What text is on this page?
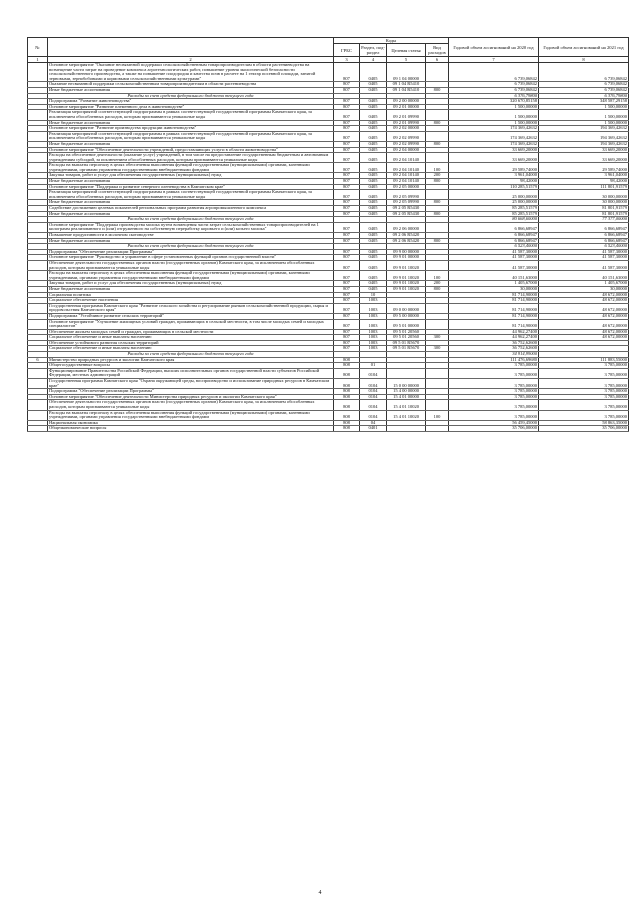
№		Коды				Годовой объем ассигнований на 2020 год	Годовой объем ассигнований на 2021 год
		ГРБС	Раздел, под-раздел	Целевая статья	Вид расходов		
1	2	3	4	5	6	7	8
	Основное мероприятие "Оказание несвязанной поддержки сельскохозяйственным товаропроизводителям в области растениеводства на возмещение части затрат на проведение комплекса агротехнологических работ, повышение уровня экологической безопасности сельскохозяйственного производства, а также на повышение плодородия и качества почв в расчете на 1 гектар посевной площади, занятой зерновыми, зернобобовыми и кормовыми сельскохозяйственными культурами"	807	0405	09 1 04 00000		6 739,06842	6 739,06842
	Оказание несвязанной поддержки сельскохозяйственным товаропроизводителям в области растениеводства	807	0405	09 1 04 R5410		6 739,06842	6 739,06842
	Иные бюджетные ассигнования	807	0405	09 1 04 R5410	800	6 739,06842	6 739,06842
	Расходы за счет средств федерального бюджета текущего года					6 376,79800	6 376,79800
	Подпрограмма "Развитие животноводства"	807	0405	09 2 00 00000		320 670,85158	348 587,29158
	Основное мероприятие "Развитие племенного дела в животноводстве"	807	0405	09 2 01 00000		1 500,00000	1 500,00000
	Реализация мероприятий соответствующей подпрограммы в рамках соответствующей государственной программы Камчатского края, за исключением обособленных расходов, которым присваиваются уникальные коды	807	0405	09 2 01 09990		1 500,00000	1 500,00000
	Иные бюджетные ассигнования	807	0405	09 2 01 09990	800	1 500,00000	1 500,00000
	Основное мероприятие "Развитие производства продукции животноводства"	807	0405	09 2 02 00000		174 369,42632	194 369,42632
	Реализация мероприятий соответствующей подпрограммы в рамках соответствующей государственной программы Камчатского края, за исключением обособленных расходов, которым присваиваются уникальные коды	807	0405	09 2 02 09990		174 369,42632	194 369,42632
	Иные бюджетные ассигнования	807	0405	09 2 02 09990	800	174 369,42632	194 369,42632
	Основное мероприятие "Обеспечение деятельности учреждений, предоставляющих услуги в области животноводства"	807	0405	09 2 04 00000		33 669,20000	33 669,20000
	Расходы на обеспечение деятельности (оказание услуг) учреждений, в том числе на предоставление государственным бюджетным и автономным учреждениям субсидий, за исключением обособленных расходов, которым присваиваются уникальные коды	807	0405	09 2 04 10140		33 669,20000	33 669,20000
	Расходы на выплаты персоналу в целях обеспечения выполнения функций государственными (муниципальными) органами, казенными учреждениями, органами управления государственными внебюджетными фондами	807	0405	09 2 04 10140	100	29 589,74000	29 589,74000
	Закупка товаров, работ и услуг для обеспечения государственных (муниципальных) нужд	807	0405	09 2 04 10140	200	3 961,04000	3 961,04000
	Иные бюджетные ассигнования	807	0405	09 2 04 10140	800	98,42000	98,42000
	Основное мероприятие "Поддержка и развитие северного оленеводства в Камчатском крае"	807	0405	09 2 05 00000		110 285,51579	111 801,91579
	Реализация мероприятий соответствующей подпрограммы в рамках соответствующей государственной программы Камчатского края, за исключением обособленных расходов, которым присваиваются уникальные коды	807	0405	09 2 05 09990		25 000,00000	30 000,00000
	Иные бюджетные ассигнования	807	0405	09 2 05 09990	800	25 000,00000	30 000,00000
	Содействие достижению целевых показателей региональных программ развития агропромышленного комплекса	807	0405	09 2 05 R5430		85 285,51579	81 801,91579
	Иные бюджетные ассигнования	807	0405	09 2 05 R5430	800	85 285,51579	81 801,91579
	Расходы за счет средств федерального бюджета текущего года					80 668,60000	77 377,00000
	Основное мероприятие "Поддержка производства молока путем возмещения части затрат сельскохозяйственных товаропроизводителей на 1 килограмм реализованного и (или) отгруженного на собственную переработку коровьего и (или) козьего молока"	807	0405	09 2 06 00000		6 866,68947	6 866,68947
	Повышение продуктивности в молочном скотоводстве	807	0405	09 2 06 R5420		6 866,68947	6 866,68947
	Иные бюджетные ассигнования	807	0405	09 2 06 R5420	800	6 866,68947	6 866,68947
	Расходы за счет средств федерального бюджета текущего года					6 523,40000	6 523,40000
	Подпрограмма "Обеспечение реализации Программы"	807	0405	09 9 00 00000		41 587,30000	41 587,30000
	Основное мероприятие "Руководство и управление в сфере установленных функций органов государственной власти"	807	0405	09 9 01 00000		41 587,30000	41 587,30000
	Обеспечение деятельности государственных органов власти (государственных органов) Камчатского края, за исключением обособленных расходов, которым присваиваются уникальные коды	807	0405	09 9 01 10020		41 587,30000	41 587,30000
	Расходы на выплаты персоналу в целях обеспечения выполнения функций государственными (муниципальными) органами, казенными учреждениями, органами управления государственными внебюджетными фондами	807	0405	09 9 01 10020	100	40 151,63000	40 151,63000
	Закупка товаров, работ и услуг для обеспечения государственных (муниципальных) нужд	807	0405	09 9 01 10020	200	1 405,67000	1 405,67000
	Иные бюджетные ассигнования	807	0405	09 9 01 10020	800	30,00000	30,00000
	Социальная политика	807	10			81 714,90000	48 672,00000
	Социальное обеспечение населения	807	1003			81 714,90000	48 672,00000
	Государственная программа Камчатского края "Развитие сельского хозяйства и регулирование рынков сельскохозяйственной продукции, сырья и продовольствия Камчатского края"	807	1003	09 0 00 00000		81 714,90000	48 672,00000
	Подпрограмма "Устойчивое развитие сельских территорий"	807	1003	09 5 00 00000		81 714,90000	48 672,00000
	Основное мероприятие "Улучшение жилищных условий граждан, проживающих в сельской местности, в том числе молодых семей и молодых специалистов"	807	1003	09 5 01 00000		81 714,90000	48 672,00000
	Обеспечение жильем молодых семей и граждан, проживающих в сельской местности	807	1003	09 5 01 20560		44 962,27400	48 672,00000
	Социальное обеспечение и иные выплаты населению	807	1003	09 5 01 20560	300	44 962,27400	48 672,00000
	Обеспечение устойчивого развития сельских территорий	807	1003	09 5 01 R5670		36 752,62600	
	Социальное обеспечение и иные выплаты населению	807	1003	09 5 01 R5670	300	36 752,62600	
	Расходы за счет средств федерального бюджета текущего года					34 914,99000	
6	Министерство природных ресурсов и экологии Камчатского края	808				111 476,69680	111 883,55000
	Общегосударственные вопросы	808	01			3 785,00000	3 785,00000
	Функционирование Правительства Российской Федерации, высших исполнительных органов государственной власти субъектов Российской Федерации, местных администраций	808	0104			3 785,00000	3 785,00000
	Государственная программа Камчатского края "Охрана окружающей среды, воспроизводство и использование природных ресурсов в Камчатском крае"	808	0104	15 0 00 00000		3 785,00000	3 785,00000
	Подпрограмма "Обеспечение реализации Программы"	808	0104	15 4 00 00000		3 785,00000	3 785,00000
	Основное мероприятие "Обеспечение деятельности Министерства природных ресурсов и экологии Камчатского края"	808	0104	15 4 01 00000		3 785,00000	3 785,00000
	Обеспечение деятельности государственных органов власти (государственных органов) Камчатского края, за исключением обособленных расходов, которым присваиваются уникальные коды	808	0104	15 4 01 10020		3 785,00000	3 785,00000
	Расходы на выплаты персоналу в целях обеспечения выполнения функций государственными (муниципальными) органами, казенными учреждениями, органами управления государственными внебюджетными фондами	808	0104	15 4 01 10020	100	3 785,00000	3 785,00000
	Национальная экономика	808	04			56 459,45000	58 863,35000
	Общеэкономические вопросы	808	0401			35 706,00000	35 706,00000
4
